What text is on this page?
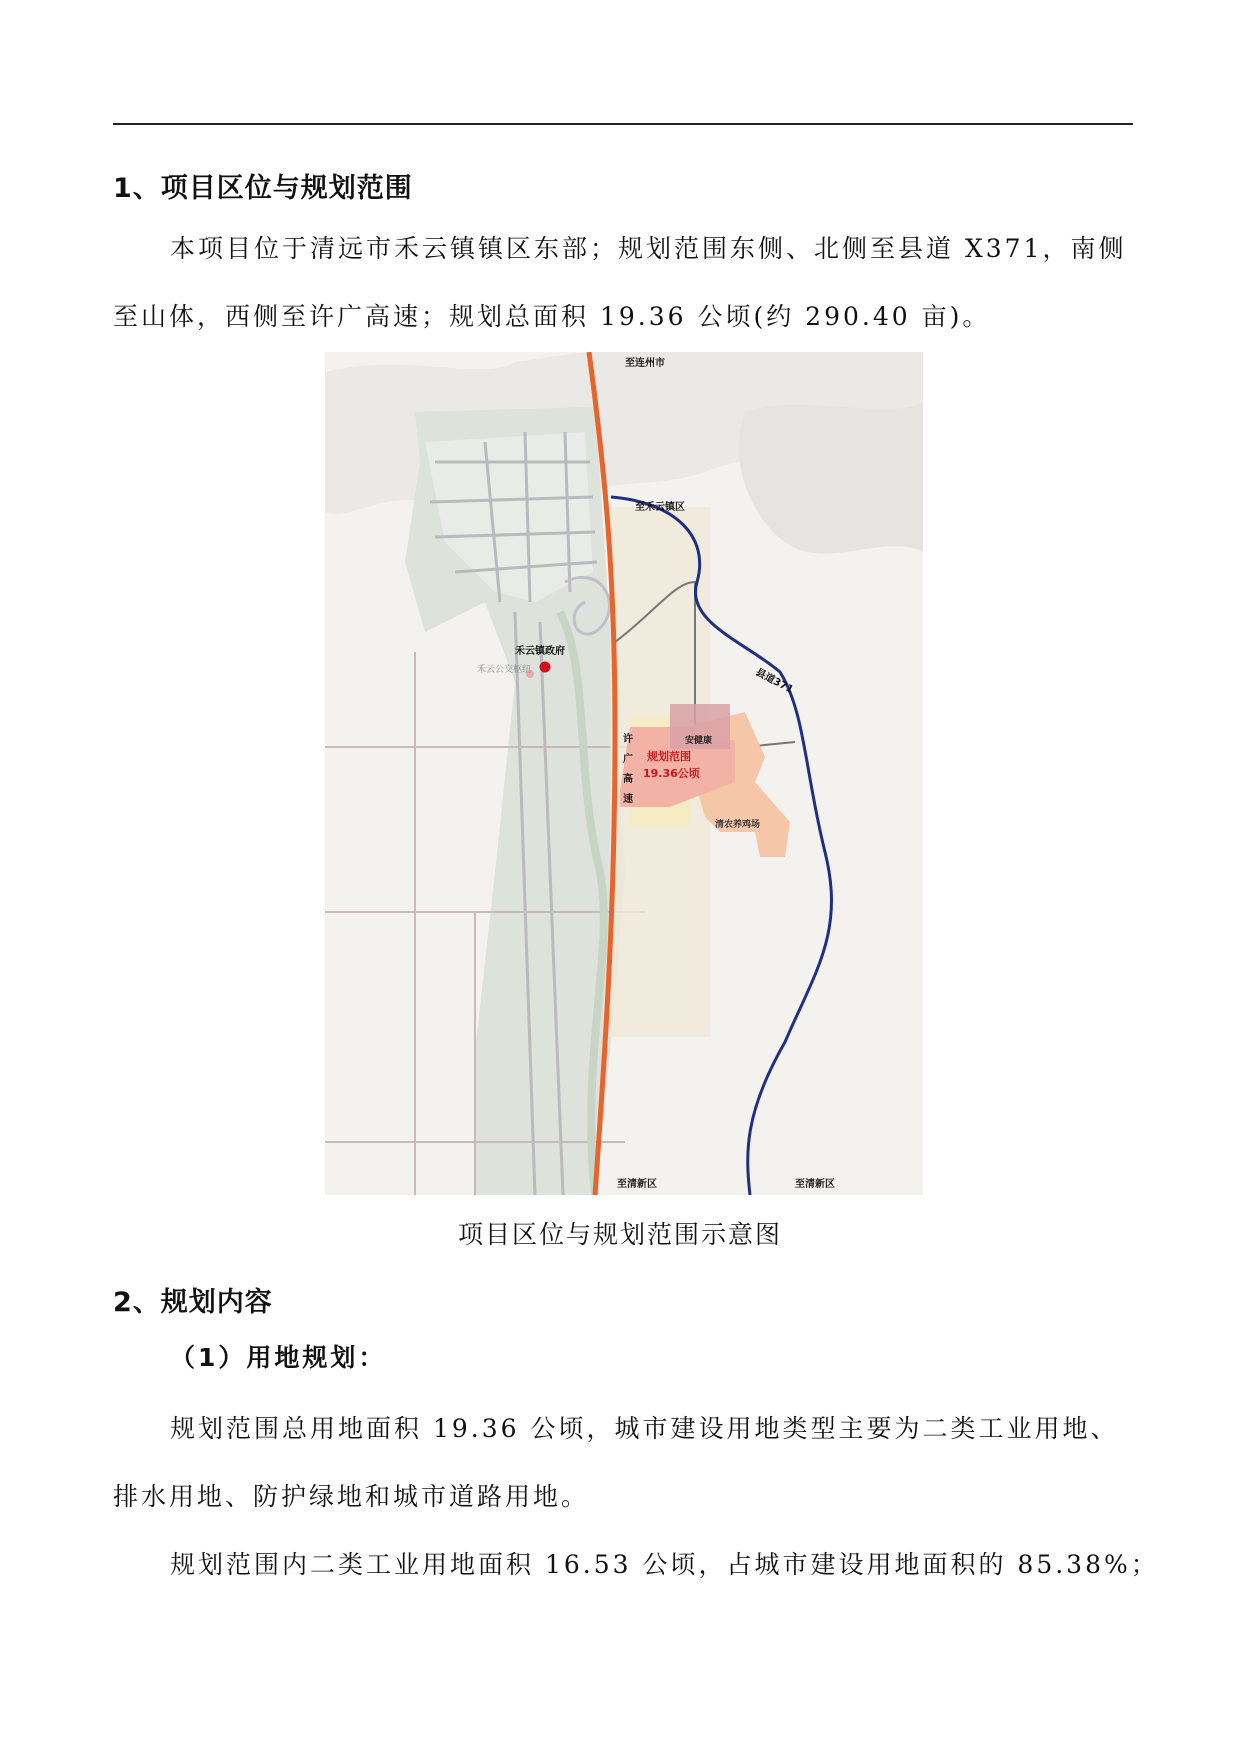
1、项目区位与规划范围
本项目位于清远市禾云镇镇区东部；规划范围东侧、北侧至县道 X371，南侧
至山体，西侧至许广高速；规划总面积 19.36 公顷(约 290.40 亩)。
至连州市
至禾云镇区
县道371
禾云镇政府
禾云公交枢纽
许
广
高
速
规划范围
19.36公顷
安健康
清农养鸡场
至清新区	至清新区
项目区位与规划范围示意图
2、规划内容
（1）用地规划：
规划范围总用地面积 19.36 公顷，城市建设用地类型主要为二类工业用地、
排水用地、防护绿地和城市道路用地。
规划范围内二类工业用地面积 16.53 公顷，占城市建设用地面积的 85.38%；
